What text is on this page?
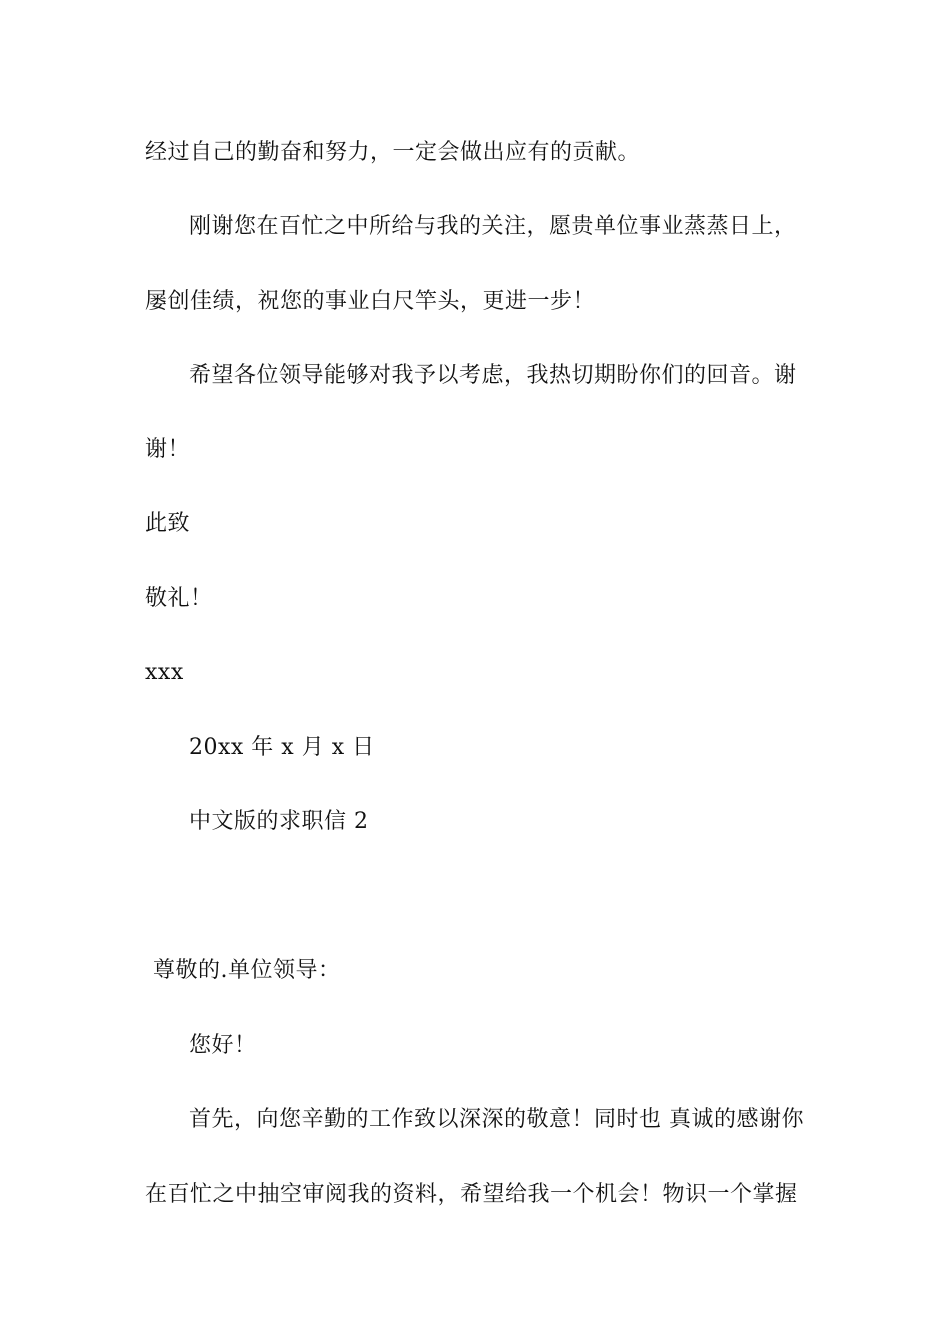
经过自己的勤奋和努力，一定会做出应有的贡献。
刚谢您在百忙之中所给与我的关注，愿贵单位事业蒸蒸日上，
屡创佳绩，祝您的事业白尺竿头，更进一步！
希望各位领导能够对我予以考虑，我热切期盼你们的回音。谢
谢！
此致
敬礼！
xxx
20xx 年 x 月 x 日
中文版的求职信 2
尊敬的.单位领导：
您好！
首先，向您辛勤的工作致以深深的敬意！同时也 真诚的感谢你
在百忙之中抽空审阅我的资料，希望给我一个机会！物识一个掌握
